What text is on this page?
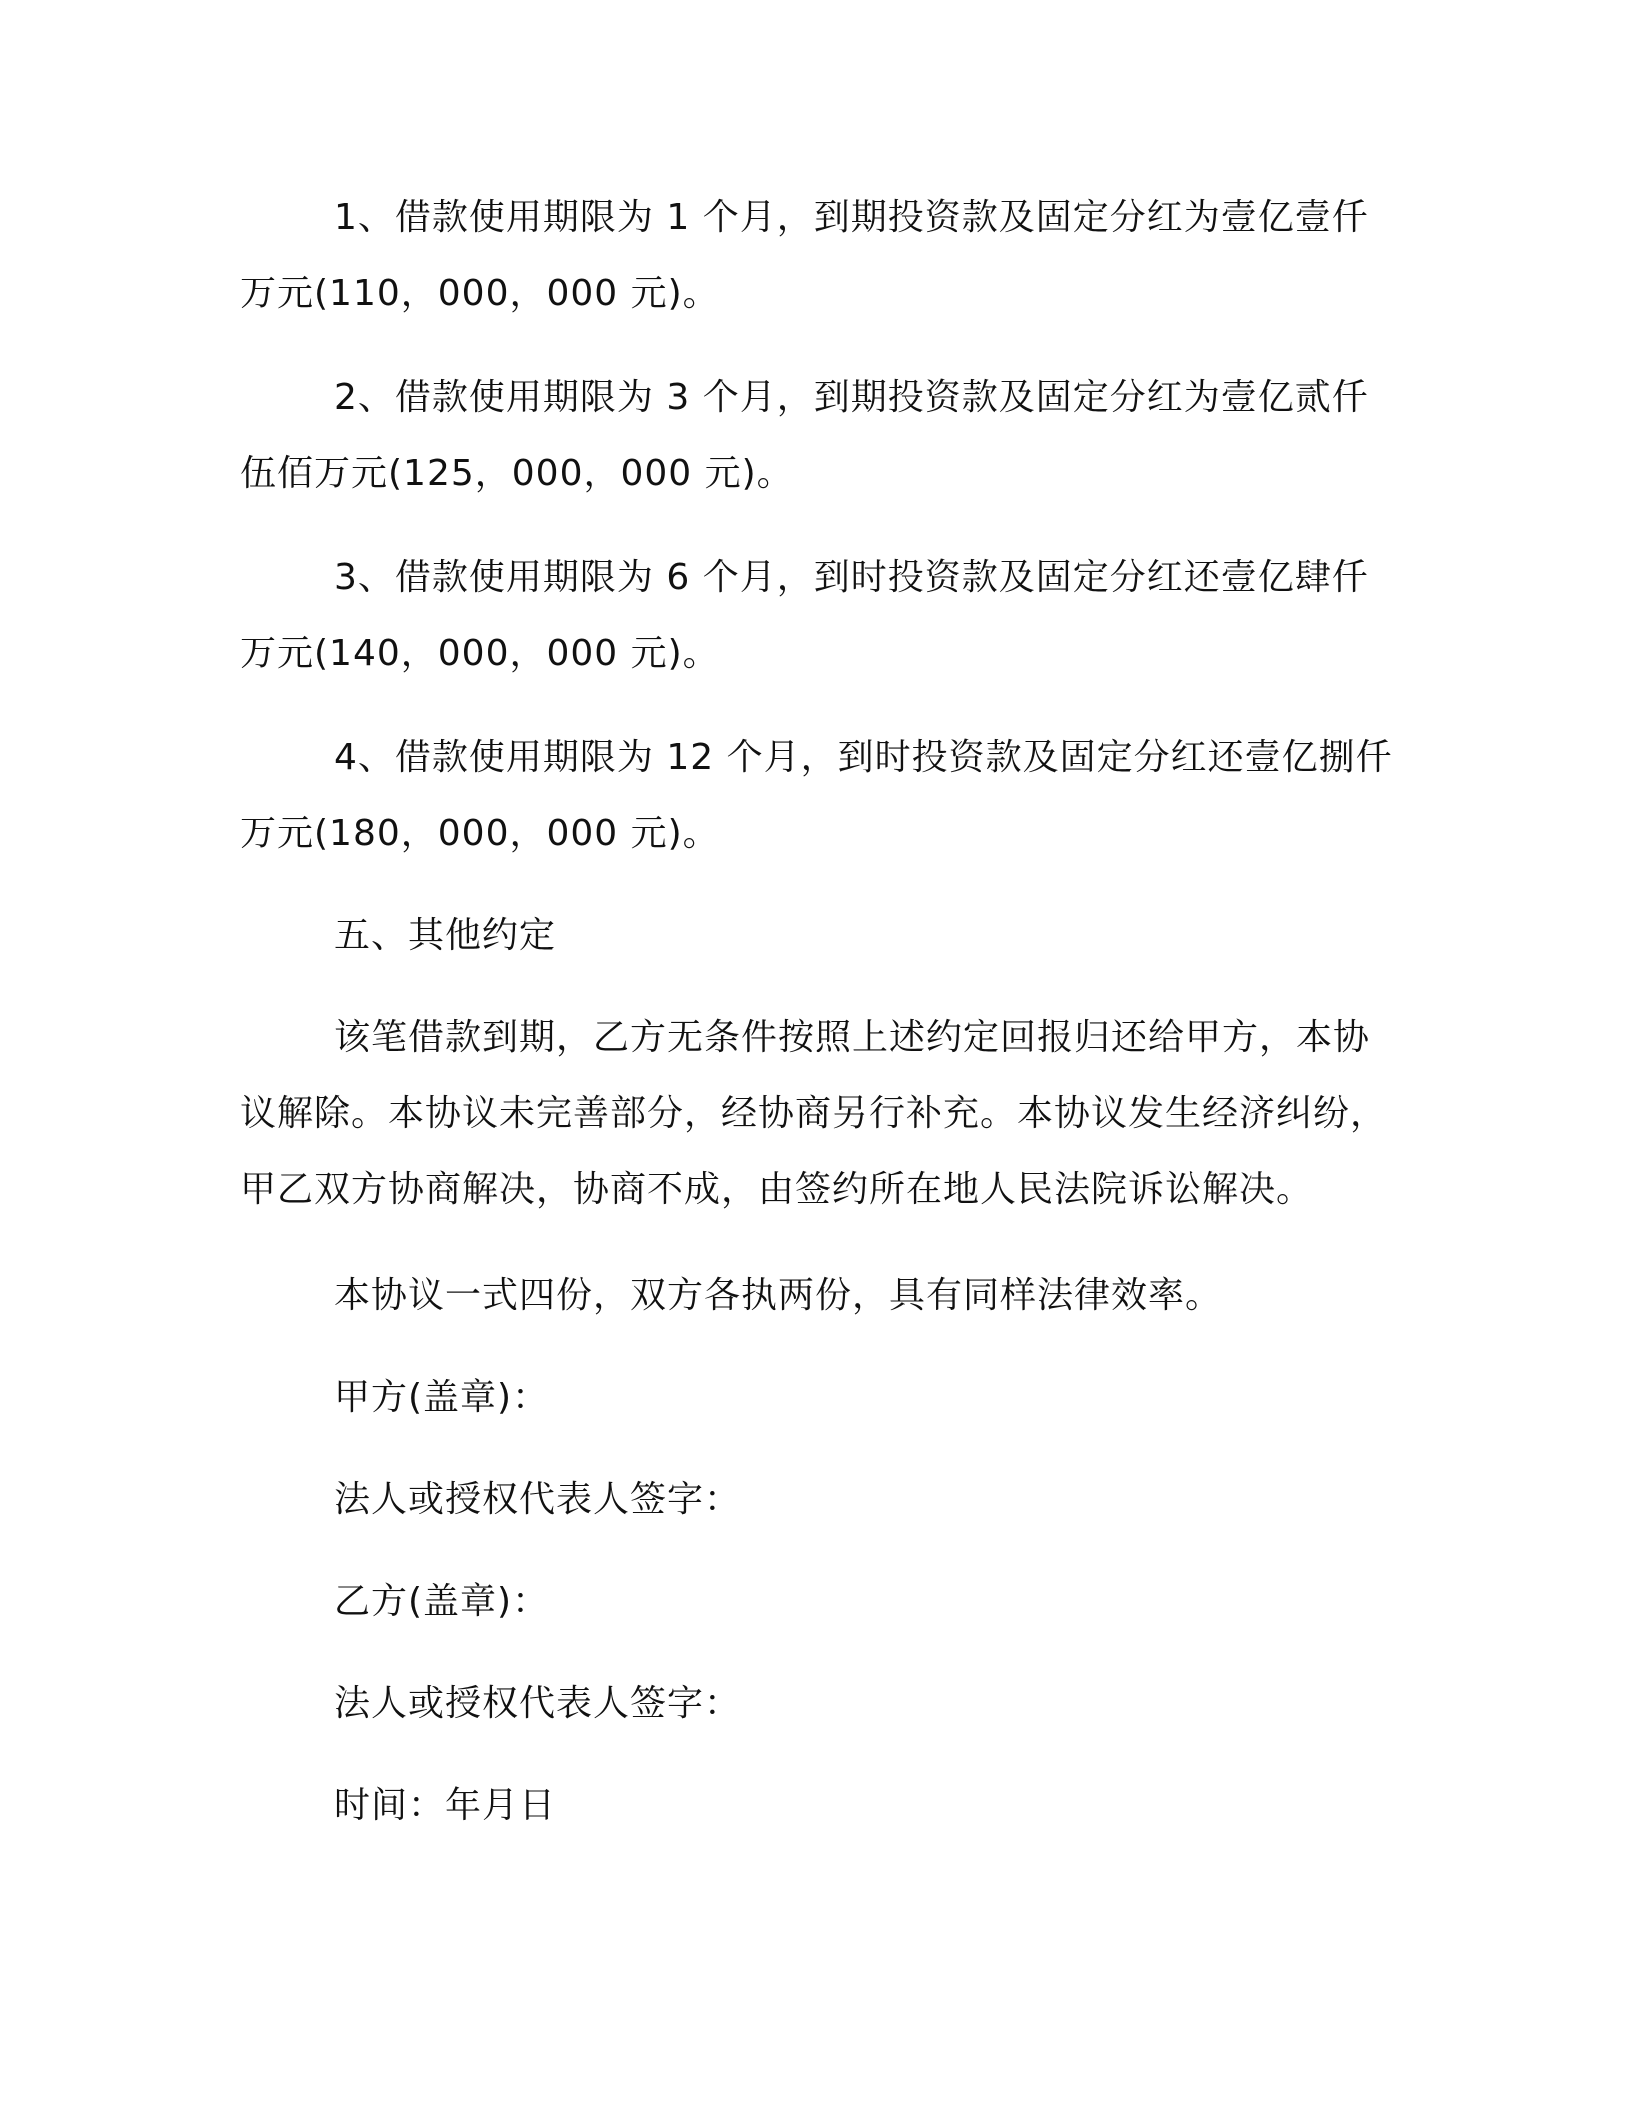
1、借款使用期限为 1 个月，到期投资款及固定分红为壹亿壹仟
万元(110，000，000 元)。
2、借款使用期限为 3 个月，到期投资款及固定分红为壹亿贰仟
伍佰万元(125，000，000 元)。
3、借款使用期限为 6 个月，到时投资款及固定分红还壹亿肆仟
万元(140，000，000 元)。
4、借款使用期限为 12 个月，到时投资款及固定分红还壹亿捌仟
万元(180，000，000 元)。
五、其他约定
该笔借款到期，乙方无条件按照上述约定回报归还给甲方，本协
议解除。本协议未完善部分，经协商另行补充。本协议发生经济纠纷，
甲乙双方协商解决，协商不成，由签约所在地人民法院诉讼解决。
本协议一式四份，双方各执两份，具有同样法律效率。
甲方(盖章)：
法人或授权代表人签字：
乙方(盖章)：
法人或授权代表人签字：
时间：年月日
